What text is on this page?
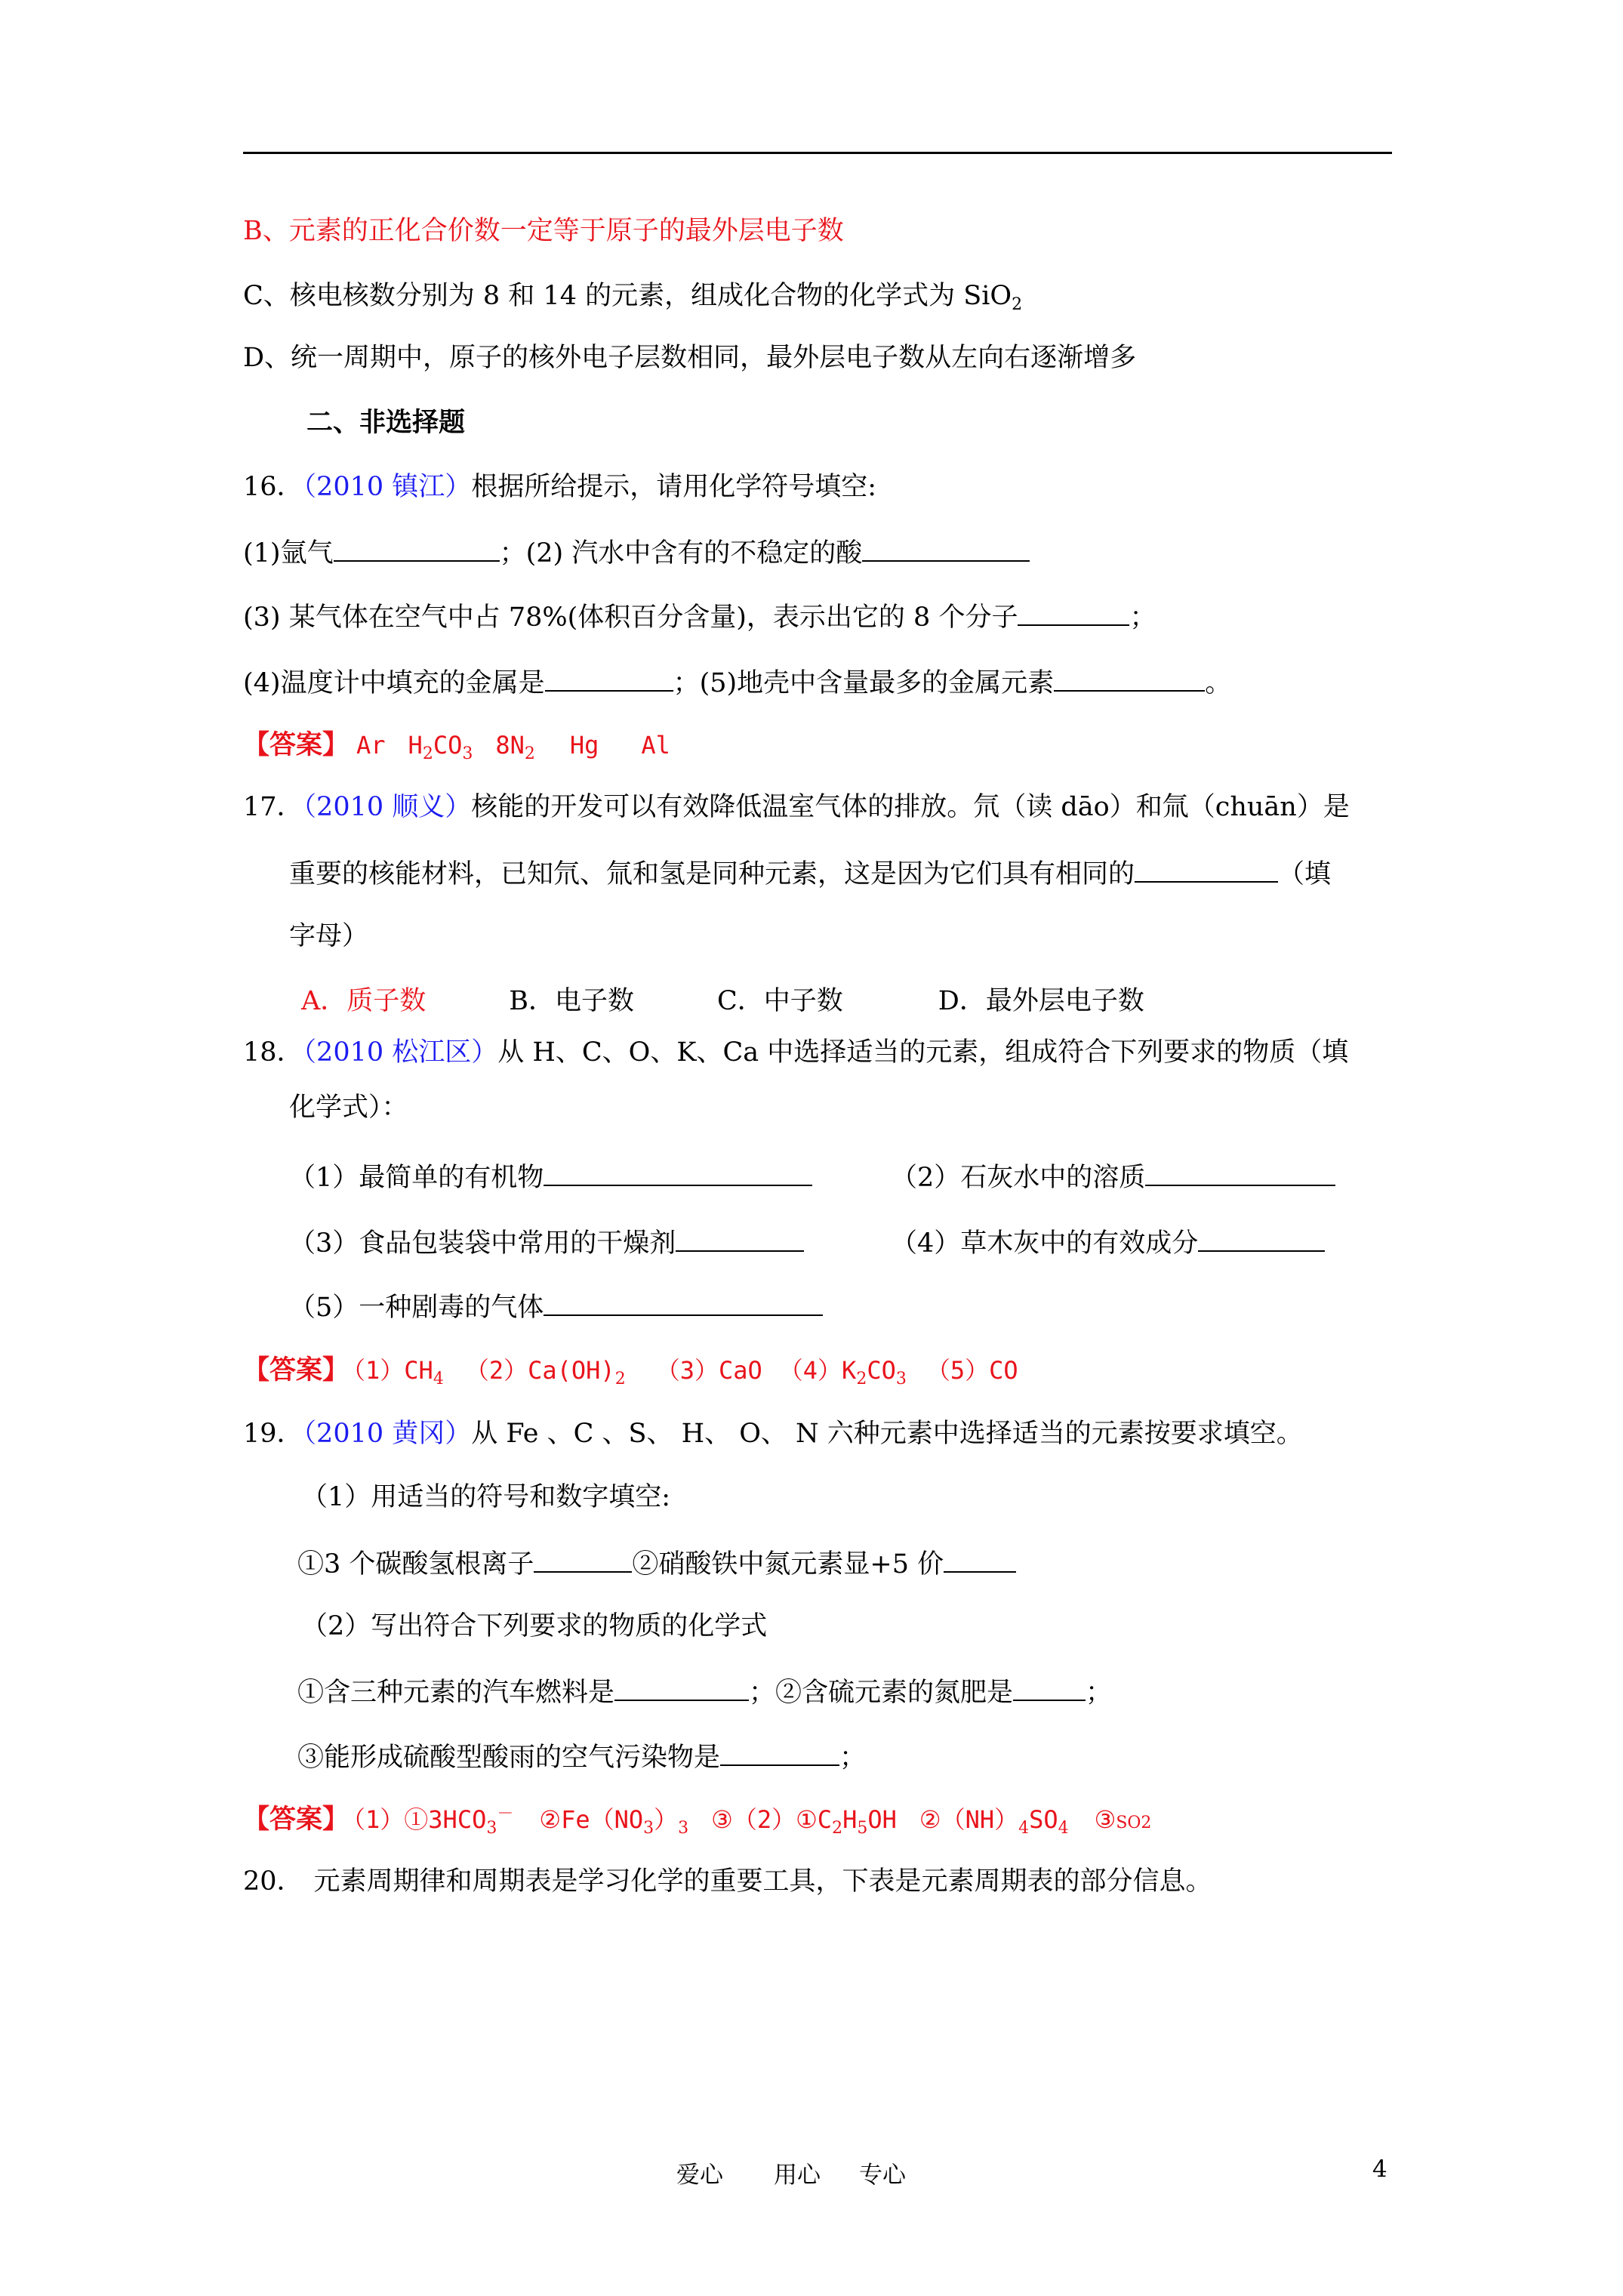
B、元素的正化合价数一定等于原子的最外层电子数
C、核电核数分别为 8 和 14 的元素，组成化合物的化学式为 SiO$_2$
D、统一周期中，原子的核外电子层数相同，最外层电子数从左向右逐渐增多
二、非选择题
16．（2010 镇江）根据所给提示，请用化学符号填空:
(1)氩气	；(2) 汽水中含有的不稳定的酸
(3) 某气体在空气中占 78%(体积百分含量)，表示出它的 8 个分子	；
(4)温度计中填充的金属是	；(5)地壳中含量最多的金属元素	。
【答案】 Ar $H_2CO_3$ $8N_2$ Hg Al
17．（2010 顺义）核能的开发可以有效降低温室气体的排放。氘（读 dāo）和氚（chuān）是
重要的核能材料，已知氘、氚和氢是同种元素，这是因为它们具有相同的	（填
字母）
A．质子数	B．电子数	C．中子数	D．最外层电子数
18．（2010 松江区）从 H、C、O、K、Ca 中选择适当的元素，组成符合下列要求的物质（填
化学式）：
（1）最简单的有机物	（2）石灰水中的溶质
（3）食品包装袋中常用的干燥剂	（4）草木灰中的有效成分
（5）一种剧毒的气体
【答案】 $(1)CH_4$ $(2)Ca(OH)_2$ （3）CaO $(4)K_2CO_3$ （5）CO
19．（2010 黄冈）从 Fe 、C 、S、 H、 O、 N 六种元素中选择适当的元素按要求填空。
（1）用适当的符号和数字填空:
①3 个碳酸氢根离子	②硝酸铁中氮元素显+5 价
（2）写出符合下列要求的物质的化学式
①含三种元素的汽车燃料是	；②含硫元素的氮肥是	；
③能形成硫酸型酸雨的空气污染物是	；
【答案】 $(1)①3HCO_3^-$ $②Fe(NO_3)_3$ $③(2)①C_2H_5OH$ $②(NH)_4SO_4$ ③SO2
20． 元素周期律和周期表是学习化学的重要工具，下表是元素周期表的部分信息。
爱心 用心 专心	4
